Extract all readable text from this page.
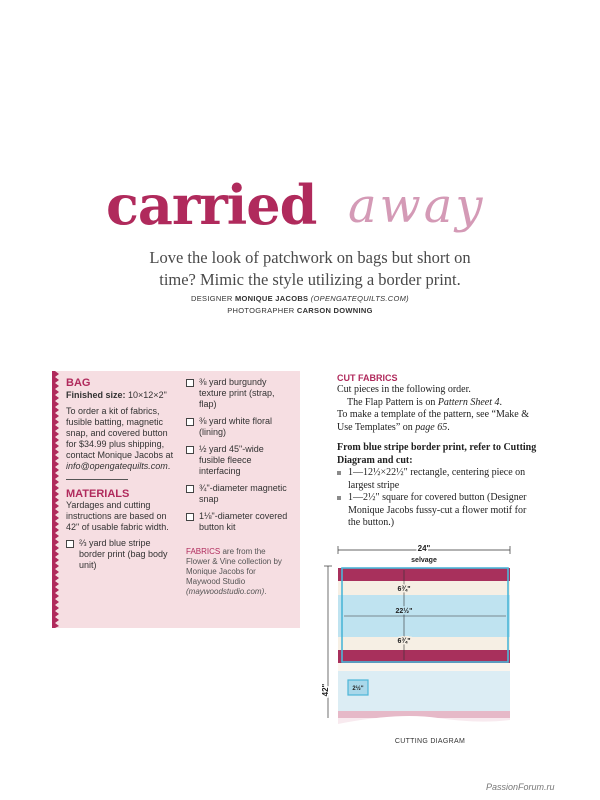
carried away
Love the look of patchwork on bags but short on time? Mimic the style utilizing a border print.
DESIGNER MONIQUE JACOBS (OPENGATEQUILTS.COM)
PHOTOGRAPHER CARSON DOWNING
BAG
Finished size: 10×12×2"
To order a kit of fabrics, fusible batting, magnetic snap, and covered button for $34.99 plus shipping, contact Monique Jacobs at info@opengatequilts.com.
MATERIALS
Yardages and cutting instructions are based on 42" of usable fabric width.
⅔ yard blue stripe border print (bag body unit)
⅜ yard burgundy texture print (strap, flap)
⅜ yard white floral (lining)
½ yard 45"-wide fusible fleece interfacing
¾"-diameter magnetic snap
1⅛"-diameter covered button kit
FABRICS are from the Flower & Vine collection by Monique Jacobs for Maywood Studio (maywoodstudio.com).
CUT FABRICS
Cut pieces in the following order.
The Flap Pattern is on Pattern Sheet 4.
To make a template of the pattern, see “Make & Use Templates” on page 65.
From blue stripe border print, refer to Cutting Diagram and cut:
1—12½×22½" rectangle, centering piece on largest stripe
1—2½" square for covered button (Designer Monique Jacobs fussy-cut a flower motif for the button.)
24"
selvage
6¾"
22½"
6¾"
2½"
42"
CUTTING DIAGRAM
PassionForum.ru
